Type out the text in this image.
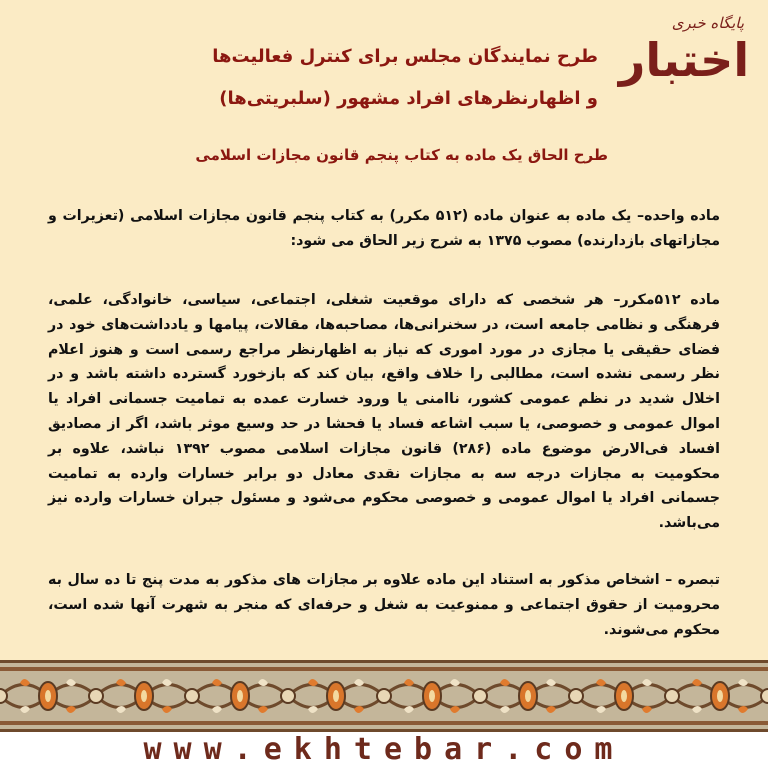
پایگاه خبری
اختبار
طرح نمایندگان مجلس برای کنترل فعالیت‌ها
و اظهارنظرهای افراد مشهور (سلبریتی‌ها)
طرح الحاق یک ماده به کتاب پنجم قانون مجازات اسلامی
ماده واحده– یک ماده به عنوان ماده (۵۱۲ مکرر) به کتاب پنجم قانون مجازات اسلامی (تعزیرات و مجازاتهای بازدارنده) مصوب ۱۳۷۵ به شرح زیر الحاق می شود:
ماده ۵۱۲مکرر– هر شخصی که دارای موقعیت شغلی، اجتماعی، سیاسی، خانوادگی، علمی، فرهنگی و نظامی جامعه است، در سخنرانی‌ها، مصاحبه‌ها، مقالات، پیامها و یادداشت‌های خود در فضای حقیقی یا مجازی در مورد اموری که نیاز به اظهارنظر مراجع رسمی است و هنوز اعلام نظر رسمی نشده است، مطالبی را خلاف واقع، بیان کند که بازخورد گسترده داشته باشد و در اخلال شدید در نظم عمومی کشور، ناامنی یا ورود خسارت عمده به تمامیت جسمانی افراد یا اموال عمومی و خصوصی، یا سبب اشاعه فساد یا فحشا در حد وسیع موثر باشد، اگر از مصادیق افساد فی‌الارض موضوع ماده (۲۸۶) قانون مجازات اسلامی مصوب ۱۳۹۲ نباشد، علاوه بر محکومیت به مجازات درجه سه به مجازات نقدی معادل دو برابر خسارات وارده به تمامیت جسمانی افراد یا اموال عمومی و خصوصی محکوم می‌شود و مسئول جبران خسارات وارده نیز می‌باشد.
تبصره – اشخاص مذکور به استناد این ماده علاوه بر مجازات های مذکور به مدت پنج تا ده سال به محرومیت از حقوق اجتماعی و ممنوعیت به شغل و حرفه‌ای که منجر به شهرت آنها شده است، محکوم می‌شوند.
www.ekhtebar.com
